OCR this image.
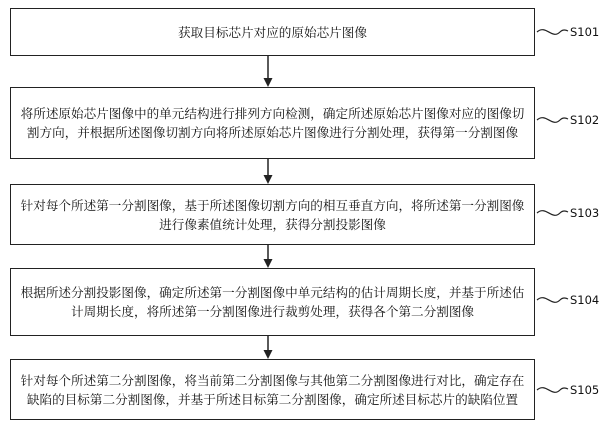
获取目标芯片对应的原始芯片图像
将所述原始芯片图像中的单元结构进行排列方向检测，确定所述原始芯片图像对应的图像切割方向，并根据所述图像切割方向将所述原始芯片图像进行分割处理，获得第一分割图像
针对每个所述第一分割图像，基于所述图像切割方向的相互垂直方向，将所述第一分割图像进行像素值统计处理，获得分割投影图像
根据所述分割投影图像，确定所述第一分割图像中单元结构的估计周期长度，并基于所述估计周期长度，将所述第一分割图像进行裁剪处理，获得各个第二分割图像
针对每个所述第二分割图像，将当前第二分割图像与其他第二分割图像进行对比，确定存在缺陷的目标第二分割图像，并基于所述目标第二分割图像，确定所述目标芯片的缺陷位置
S101
S102
S103
S104
S105
